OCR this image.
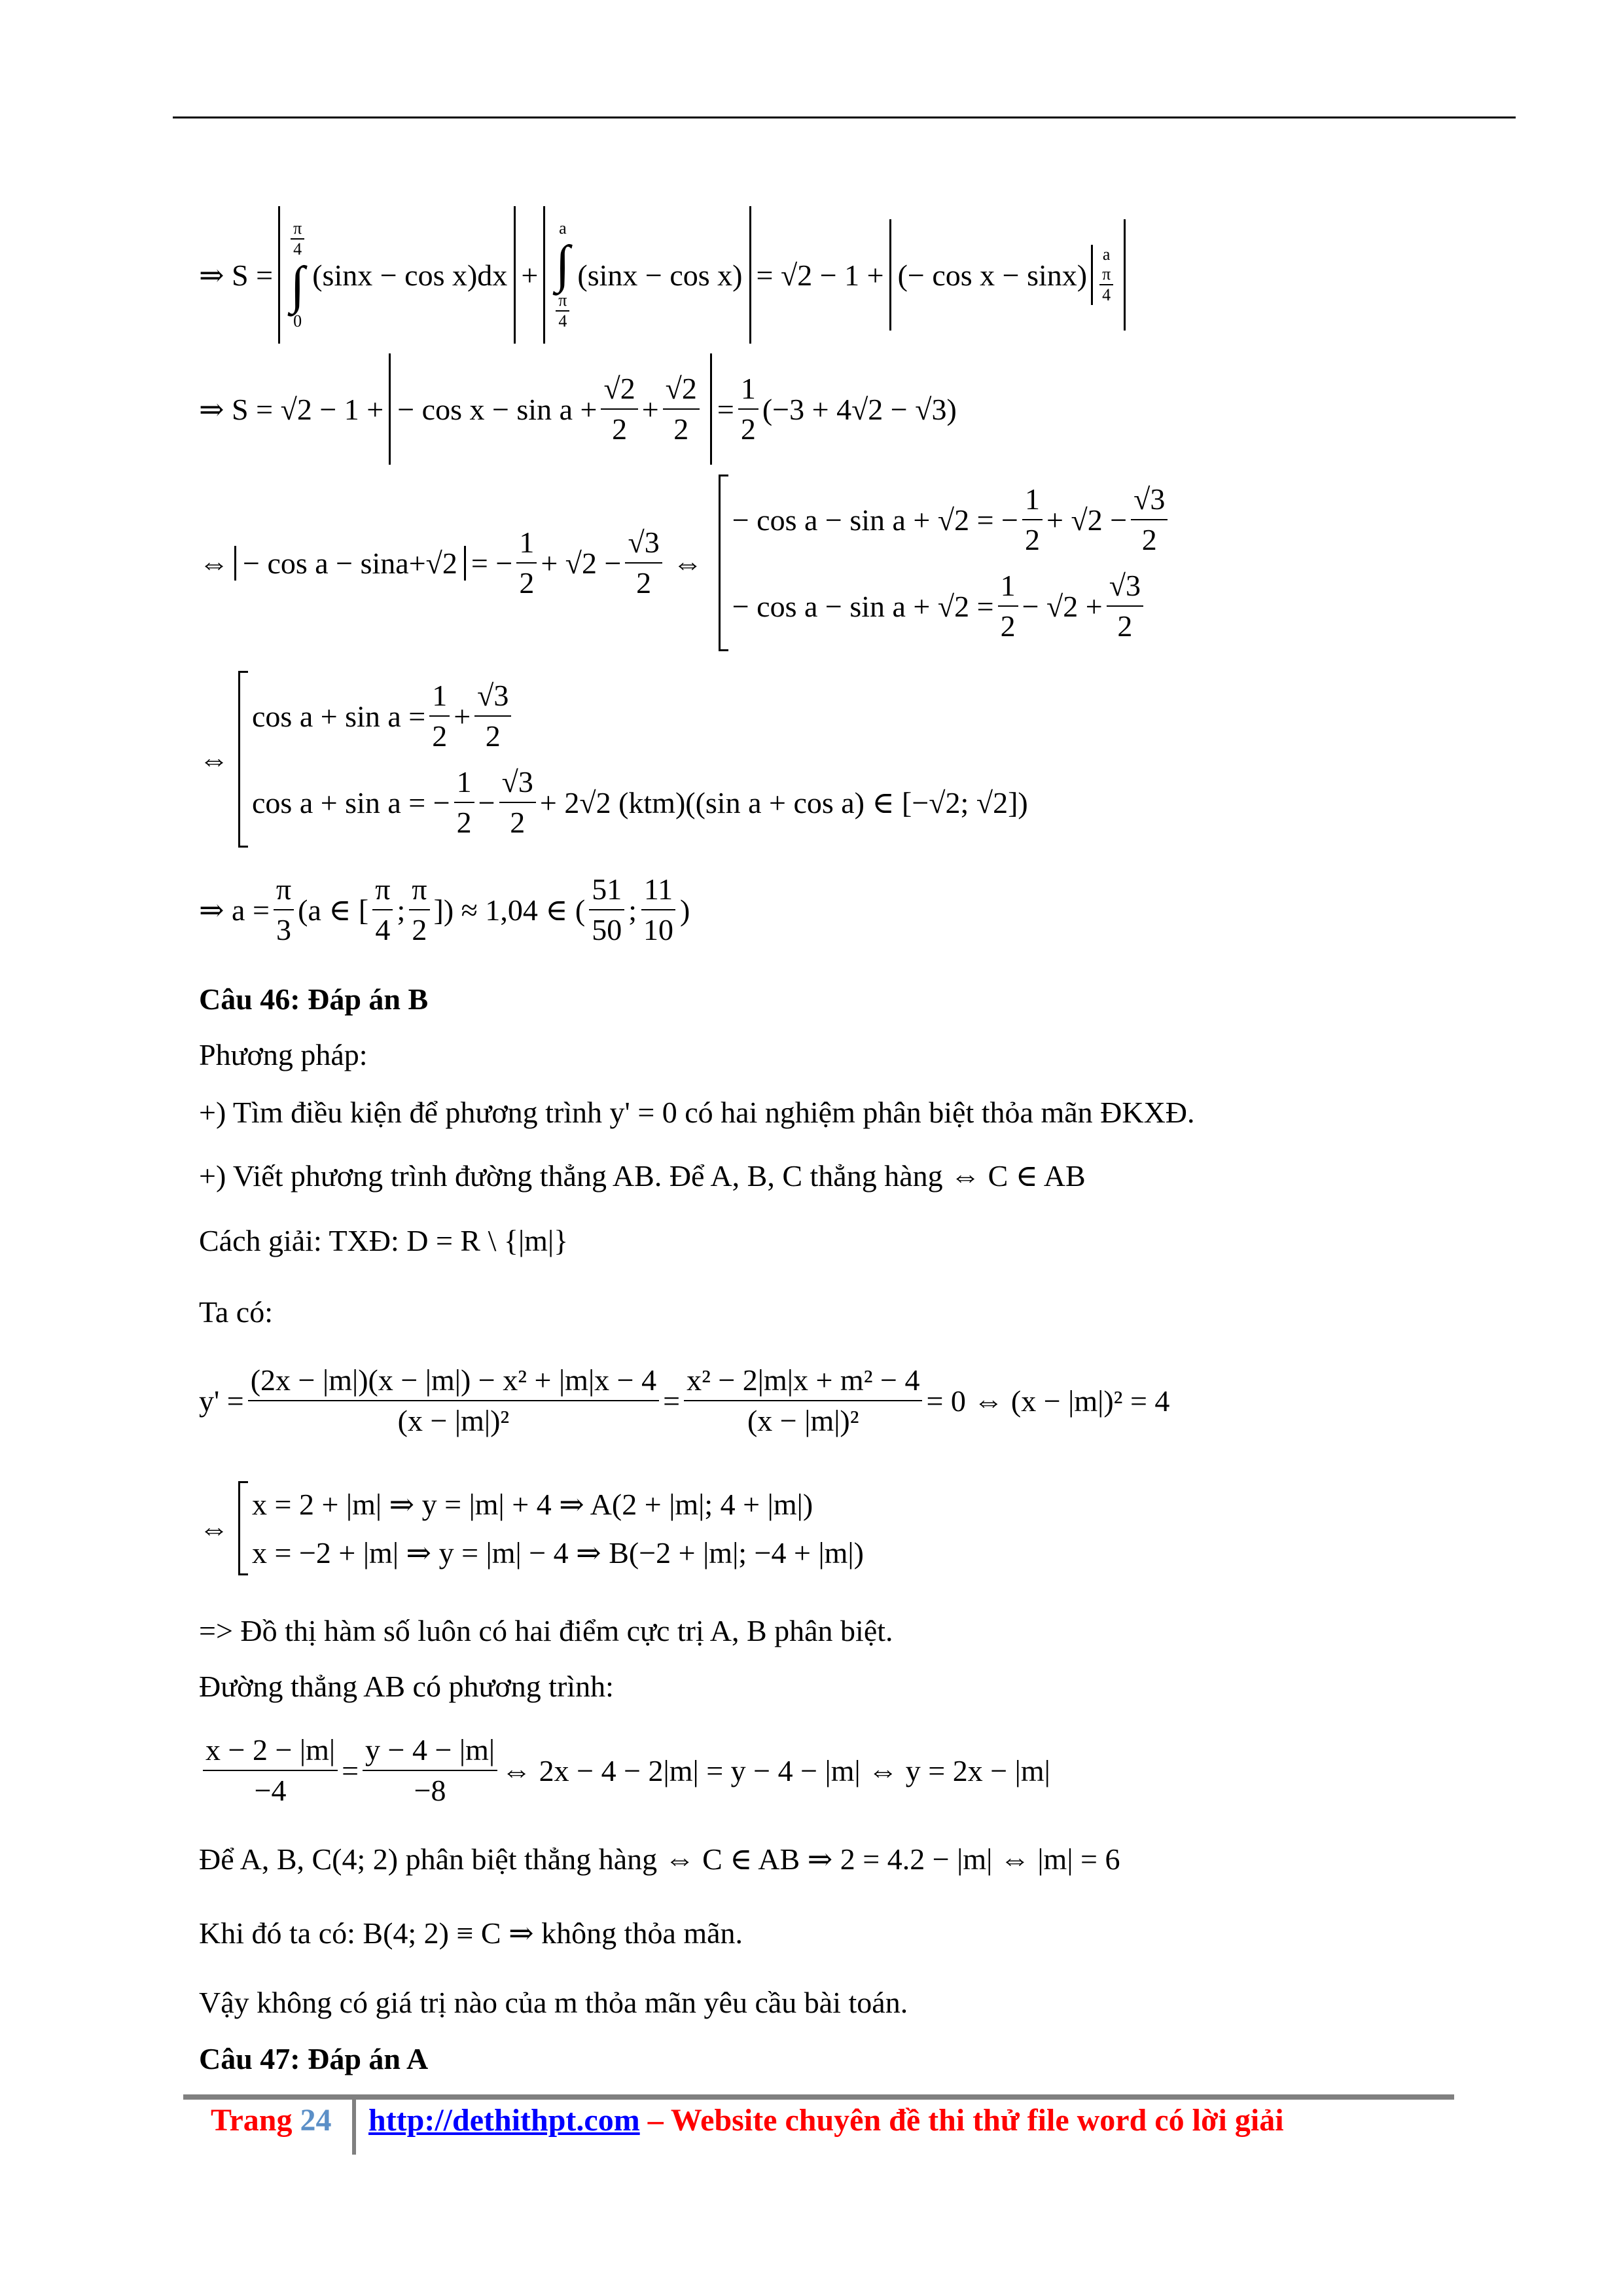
⇒ S =
$\frac{\pi}{4}$
∫
0
(sinx − cos x)dx +
a
∫
$\frac{\pi}{4}$
(sinx − cos x) = √2 − 1 + (− cos x − sinx)
a
$\frac{\pi}{4}$
⇒ S = √2 − 1 + − $\cos x - \sin a + \frac{√2}{2} + \frac{√2}{2} = \frac{1}{2} (-3 + 4√2 - √3)$
⇔ − cos a − sina+√2 = − $\frac{1}{2} + √2 - \frac{√3}{2}$ ⇔
− cos a − sin a + √2 = − $\frac{1}{2} + √2 - \frac{√3}{2}$
− $\cos a - \sin a + √2 = \frac{1}{2} - √2 + \frac{√3}{2}$
⇔
$\cos a + \sin a = \frac{1}{2} + \frac{√3}{2}$
cos a + sin a = − $\frac{1}{2} - \frac{√3}{2} + 2√2$ (ktm)((sin a + cos a) ∈ [−√2; √2])
⇒ $a = \frac{\pi}{3} (a$ ∈ [ $\frac{\pi}{4}$ ; $\frac{\pi}{2}$ ]) ≈ 1,04 ∈ ( $\frac{51}{50}$ ; $\frac{11}{10}$ )
Câu 46: Đáp án B
Phương pháp:
+) Tìm điều kiện để phương trình y' = 0 có hai nghiệm phân biệt thỏa mãn ĐKXĐ.
+) Viết phương trình đường thẳng AB. Để A, B, C thẳng hàng ⇔ C ∈ AB
Cách giải: TXĐ: D = R \ {|m|}
Ta có:
$y' = \frac{\text{(2x − |m|)(x − |m|) − x² + |m|x − 4}}{\text{(x − |m|)²}} = \frac{\text{x² − 2|m|x + m² − 4}}{\text{(x − |m|)²}} = 0$ ⇔ (x − |m|)² = 4
⇔
x = 2 + |m| ⇒ y = |m| + 4 ⇒ A(2 + |m|; 4 + |m|)
x = −2 + |m| ⇒ y = |m| − 4 ⇒ B(−2 + |m|; −4 + |m|)
=> Đồ thị hàm số luôn có hai điểm cực trị A, B phân biệt.
Đường thẳng AB có phương trình:
$\frac{x - 2 - |m|}{-4} = \frac{y - 4 - |m|}{-8}$ ⇔ 2x − 4 − 2|m| = y − 4 − |m| ⇔ y = 2x − |m|
Để A, B, C(4; 2) phân biệt thẳng hàng ⇔ C ∈ AB ⇒ 2 = 4.2 − |m| ⇔ |m| = 6
Khi đó ta có: B(4; 2) ≡ C ⇒ không thỏa mãn.
Vậy không có giá trị nào của m thỏa mãn yêu cầu bài toán.
Câu 47: Đáp án A
Trang 24 http://dethithpt.com – Website chuyên đề thi thử file word có lời giải
